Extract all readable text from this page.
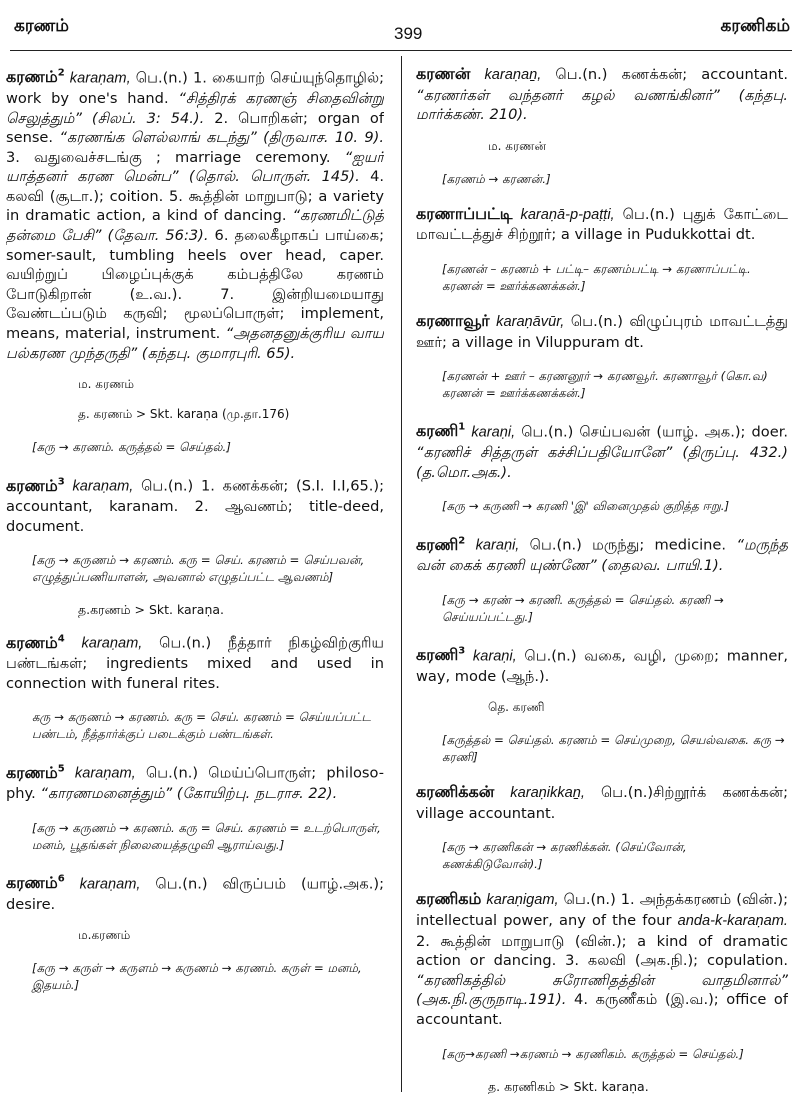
கரணம்	399	கரணிகம்
கரணம்$^2$ karaṇam, பெ.(n.) 1. கையாற் செய்யுந்தொழில்; work by one's hand. “சித்திரக் கரணஞ் சிதைவின்று செலுத்தும்” (சிலப். 3: 54.). 2. பொறிகள்; organ of sense. “கரணங்க ளெல்லாங் கடந்து” (திருவாச. 10. 9). 3. வதுவைச்சடங்கு ; marriage ceremony. “ஐயர் யாத்தனர் கரண மென்ப” (தொல். பொருள். 145). 4. கலவி (சூடா.); coition. 5. கூத்தின் மாறுபாடு; a variety in dramatic action, a kind of dancing. “கரணமிட்டுத் தன்மை பேசி” (தேவா. 56:3). 6. தலைகீழாகப் பாய்கை; somer-sault, tumbling heels over head, caper. வயிற்றுப் பிழைப்புக்குக் கம்பத்திலே கரணம் போடுகிறான் (உ.வ.). 7. இன்றியமையாது வேண்டப்படும் கருவி; மூலப்பொருள்; implement, means, material, instrument. “அதனதனுக்குரிய வாய பல்கரண முந்தருதி” (கந்தபு. குமாரபுரி. 65).
ம. கரணம்
த. கரணம் > Skt. karaṇa (மு.தா.176)
[கரு → கரணம். கருத்தல் = செய்தல்.]
கரணம்$^3$ karaṇam, பெ.(n.) 1. கணக்கன்; (S.I. I.I,65.); accountant, karanam. 2. ஆவணம்; title-deed, document.
[கரு → கருணம் → கரணம். கரு = செய். கரணம் = செய்பவன், எழுத்துப்பணியாளன், அவனால் எழுதப்பட்ட ஆவணம்]
த.கரணம் > Skt. karaṇa.
கரணம்$^4$ karaṇam, பெ.(n.) நீத்தார் நிகழ்விற்குரிய பண்டங்கள்; ingredients mixed and used in connection with funeral rites.
கரு → கருணம் → கரணம். கரு = செய். கரணம் = செய்யப்பட்ட பண்டம், நீத்தார்க்குப் படைக்கும் பண்டங்கள்.
கரணம்$^5$ karaṇam, பெ.(n.) மெய்ப்பொருள்; philoso-phy. “காரணமனைத்தும்” (கோயிற்பு. நடராச. 22).
[கரு → கருணம் → கரணம். கரு = செய். கரணம் = உடற்பொருள், மனம், பூதங்கள் நிலையைத்தழுவி ஆராய்வது.]
கரணம்$^6$ karaṇam, பெ.(n.) விருப்பம் (யாழ்.அக.); desire.
ம.கரணம்
[கரு → கருள் → கருளம் → கருணம் → கரணம். கருள் = மனம், இதயம்.]
கரணன் karaṇaṉ, பெ.(n.) கணக்கன்; accountant. “கரணர்கள் வந்தனர் கழல் வணங்கினர்” (கந்தபு. மார்க்கண். 210).
ம. கரணன்
[கரணம் → கரணன்.]
கரணாப்பட்டி karaṇā-p-paṭṭi, பெ.(n.) புதுக் கோட்டை மாவட்டத்துச் சிற்றூர்; a village in Pudukkottai dt.
[கரணன் – கரணம் + பட்டி– கரணம்பட்டி → கரணாப்பட்டி. கரணன் = ஊர்க்கணக்கன்.]
கரணாவூர் karaṇāvūr, பெ.(n.) விழுப்புரம் மாவட்டத்து ஊர்; a village in Viluppuram dt.
[கரணன் + ஊர் – கரணனூர் → கரணவூர். கரணாவூர் (கொ.வ) கரணன் = ஊர்க்கணக்கன்.]
கரணி$^1$ karaṇi, பெ.(n.) செய்பவன் (யாழ். அக.); doer. “கரணிச் சித்தருள் கச்சிப்பதியோனே” (திருப்பு. 432.) (த.மொ.அக.).
[கரு → கருணி → கரணி 'இ' வினைமுதல் குறித்த ஈறு.]
கரணி$^2$ karaṇi, பெ.(n.) மருந்து; medicine. “மருந்த வன் கைக் கரணி யுண்ணே” (தைலவ. பாயி.1).
[கரு → கரண் → கரணி. கருத்தல் = செய்தல். கரணி → செய்யப்பட்டது.]
கரணி$^3$ karaṇi, பெ.(n.) வகை, வழி, முறை; manner, way, mode (ஆந்.).
தெ. கரணி
[கருத்தல் = செய்தல். கரணம் = செய்முறை, செயல்வகை. கரு → கரணி]
கரணிக்கன் karaṇikkaṉ, பெ.(n.)சிற்றூர்க் கணக்கன்; village accountant.
[கரு → கரணிகன் → கரணிக்கன். (செய்வோன், கணக்கிடுவோன்).]
கரணிகம் karaṇigam, பெ.(n.) 1. அந்தக்கரணம் (வின்.); intellectual power, any of the four anda-k-karaṇam. 2. கூத்தின் மாறுபாடு (வின்.); a kind of dramatic action or dancing. 3. கலவி (அக.நி.); copulation. “கரணிகத்தில் சுரோணிதத்தின் வாதமினால்” (அக.நி.குருநாடி.191). 4. கருணீகம் (இ.வ.); office of accountant.
[கரு→கரணி →கரணம் → கரணிகம். கருத்தல் = செய்தல்.]
த. கரணிகம் > Skt. karaṇa.
